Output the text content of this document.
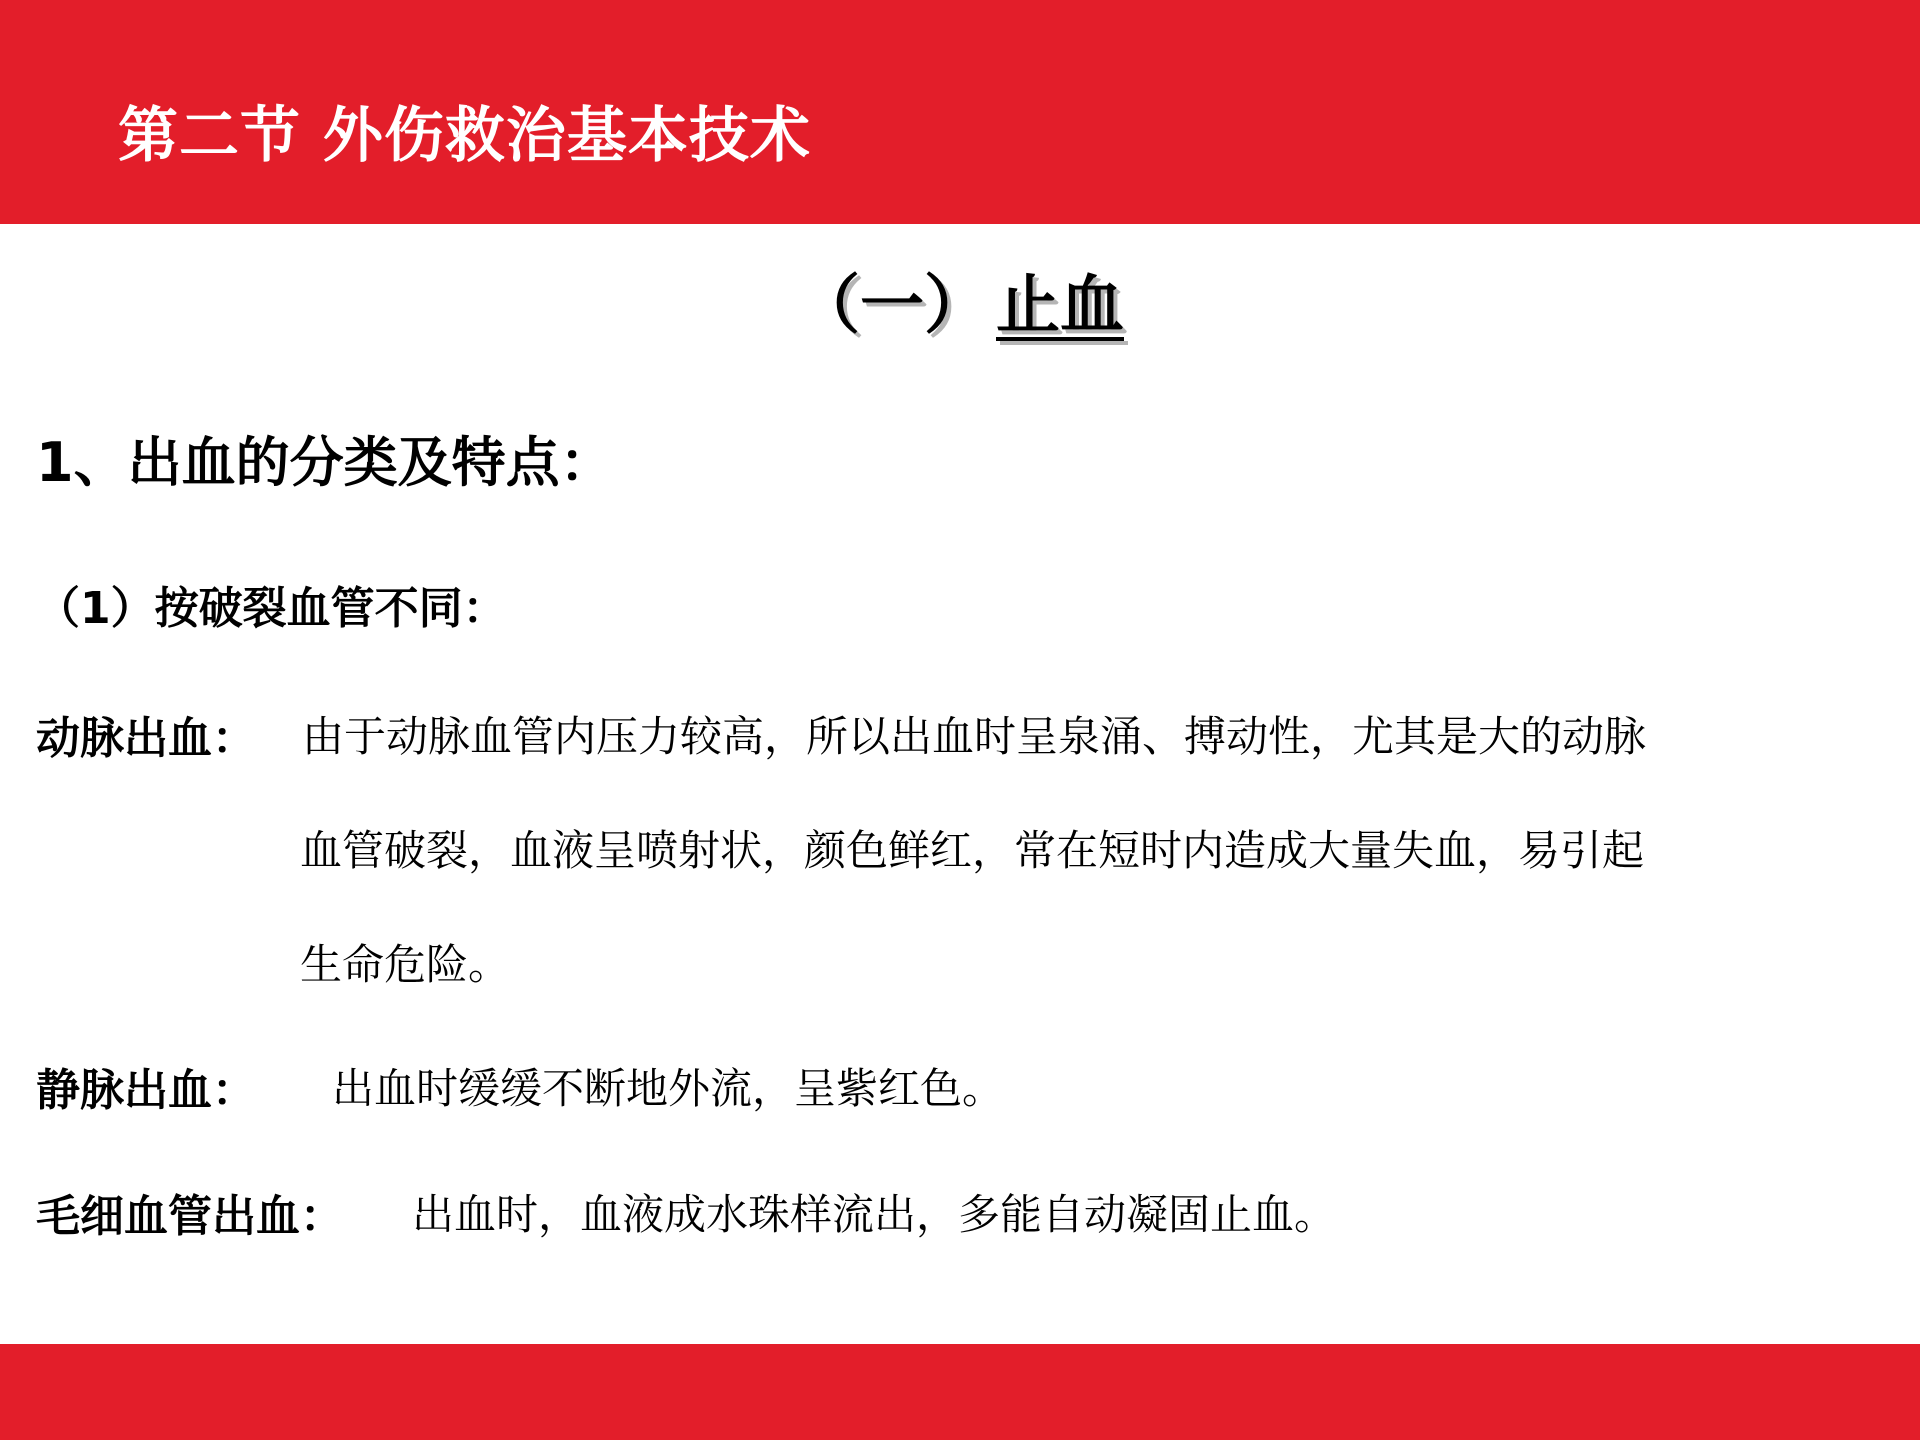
第二节 外伤救治基本技术
（一） 止血
1、出血的分类及特点：
（1）按破裂血管不同：
动脉出血： 由于动脉血管内压力较高，所以出血时呈泉涌、搏动性，尤其是大的动脉
血管破裂，血液呈喷射状，颜色鲜红，常在短时内造成大量失血，易引起
生命危险。
静脉出血： 出血时缓缓不断地外流，呈紫红色。
毛细血管出血： 出血时，血液成水珠样流出，多能自动凝固止血。
